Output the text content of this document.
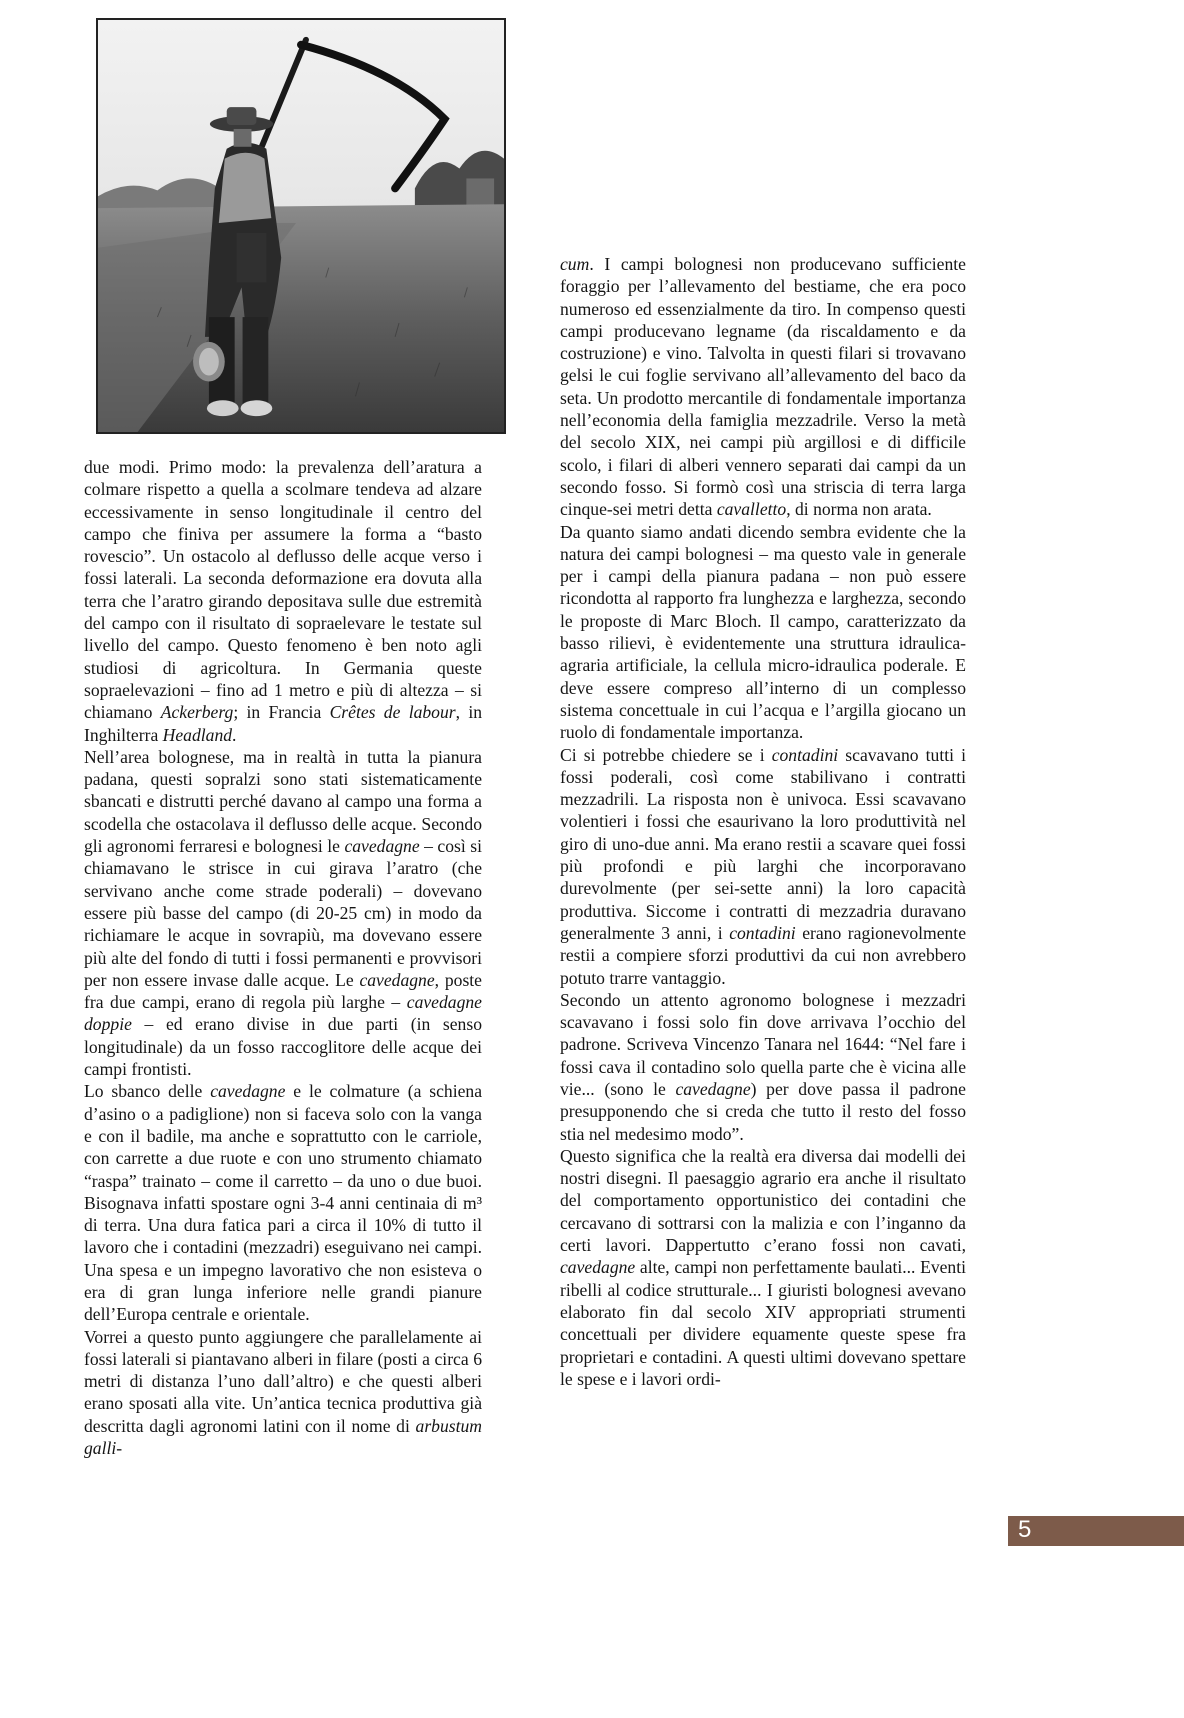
due modi. Primo modo: la prevalenza dell’aratura a colmare rispetto a quella a scolmare tendeva ad alzare eccessivamente in senso longitudinale il centro del campo che finiva per assumere la forma a “basto rovescio”. Un ostacolo al deflusso delle acque verso i fossi laterali. La seconda deformazione era dovuta alla terra che l’aratro girando depositava sulle due estremità del campo con il risultato di sopraelevare le testate sul livello del campo. Questo fenomeno è ben noto agli studiosi di agricoltura. In Germania queste sopraelevazioni – fino ad 1 metro e più di altezza – si chiamano Ackerberg; in Francia Crêtes de labour, in Inghilterra Headland.

Nell’area bolognese, ma in realtà in tutta la pianura padana, questi sopralzi sono stati sistematicamente sbancati e distrutti perché davano al campo una forma a scodella che ostacolava il deflusso delle acque. Secondo gli agronomi ferraresi e bolognesi le cavedagne – così si chiamavano le strisce in cui girava l’aratro (che servivano anche come strade poderali) – dovevano essere più basse del campo (di 20-25 cm) in modo da richiamare le acque in sovrapiù, ma dovevano essere più alte del fondo di tutti i fossi permanenti e provvisori per non essere invase dalle acque. Le cavedagne, poste fra due campi, erano di regola più larghe – cavedagne doppie – ed erano divise in due parti (in senso longitudinale) da un fosso raccoglitore delle acque dei campi frontisti.

Lo sbanco delle cavedagne e le colmature (a schiena d’asino o a padiglione) non si faceva solo con la vanga e con il badile, ma anche e soprattutto con le carriole, con carrette a due ruote e con uno strumento chiamato “raspa” trainato – come il carretto – da uno o due buoi. Bisognava infatti spostare ogni 3-4 anni centinaia di m³ di terra. Una dura fatica pari a circa il 10% di tutto il lavoro che i contadini (mezzadri) eseguivano nei campi. Una spesa e un impegno lavorativo che non esisteva o era di gran lunga inferiore nelle grandi pianure dell’Europa centrale e orientale.

Vorrei a questo punto aggiungere che parallelamente ai fossi laterali si piantavano alberi in filare (posti a circa 6 metri di distanza l’uno dall’altro) e che questi alberi erano sposati alla vite. Un’antica tecnica produttiva già descritta dagli agronomi latini con il nome di arbustum galli-

cum. I campi bolognesi non producevano sufficiente foraggio per l’allevamento del bestiame, che era poco numeroso ed essenzialmente da tiro. In compenso questi campi producevano legname (da riscaldamento e da costruzione) e vino. Talvolta in questi filari si trovavano gelsi le cui foglie servivano all’allevamento del baco da seta. Un prodotto mercantile di fondamentale importanza nell’economia della famiglia mezzadrile. Verso la metà del secolo XIX, nei campi più argillosi e di difficile scolo, i filari di alberi vennero separati dai campi da un secondo fosso. Si formò così una striscia di terra larga cinque-sei metri detta cavalletto, di norma non arata.

Da quanto siamo andati dicendo sembra evidente che la natura dei campi bolognesi – ma questo vale in generale per i campi della pianura padana – non può essere ricondotta al rapporto fra lunghezza e larghezza, secondo le proposte di Marc Bloch. Il campo, caratterizzato da basso rilievi, è evidentemente una struttura idraulica-agraria artificiale, la cellula micro-idraulica poderale. E deve essere compreso all’interno di un complesso sistema concettuale in cui l’acqua e l’argilla giocano un ruolo di fondamentale importanza.

Ci si potrebbe chiedere se i contadini scavavano tutti i fossi poderali, così come stabilivano i contratti mezzadrili. La risposta non è univoca. Essi scavavano volentieri i fossi che esaurivano la loro produttività nel giro di uno-due anni. Ma erano restii a scavare quei fossi più profondi e più larghi che incorporavano durevolmente (per sei-sette anni) la loro capacità produttiva. Siccome i contratti di mezzadria duravano generalmente 3 anni, i contadini erano ragionevolmente restii a compiere sforzi produttivi da cui non avrebbero potuto trarre vantaggio.

Secondo un attento agronomo bolognese i mezzadri scavavano i fossi solo fin dove arrivava l’occhio del padrone. Scriveva Vincenzo Tanara nel 1644: “Nel fare i fossi cava il contadino solo quella parte che è vicina alle vie... (sono le cavedagne) per dove passa il padrone presupponendo che si creda che tutto il resto del fosso stia nel medesimo modo”.

Questo significa che la realtà era diversa dai modelli dei nostri disegni. Il paesaggio agrario era anche il risultato del comportamento opportunistico dei contadini che cercavano di sottrarsi con la malizia e con l’inganno da certi lavori. Dappertutto c’erano fossi non cavati, cavedagne alte, campi non perfettamente baulati... Eventi ribelli al codice strutturale... I giuristi bolognesi avevano elaborato fin dal secolo XIV appropriati strumenti concettuali per dividere equamente queste spese fra proprietari e contadini. A questi ultimi dovevano spettare le spese e i lavori ordi-

5
